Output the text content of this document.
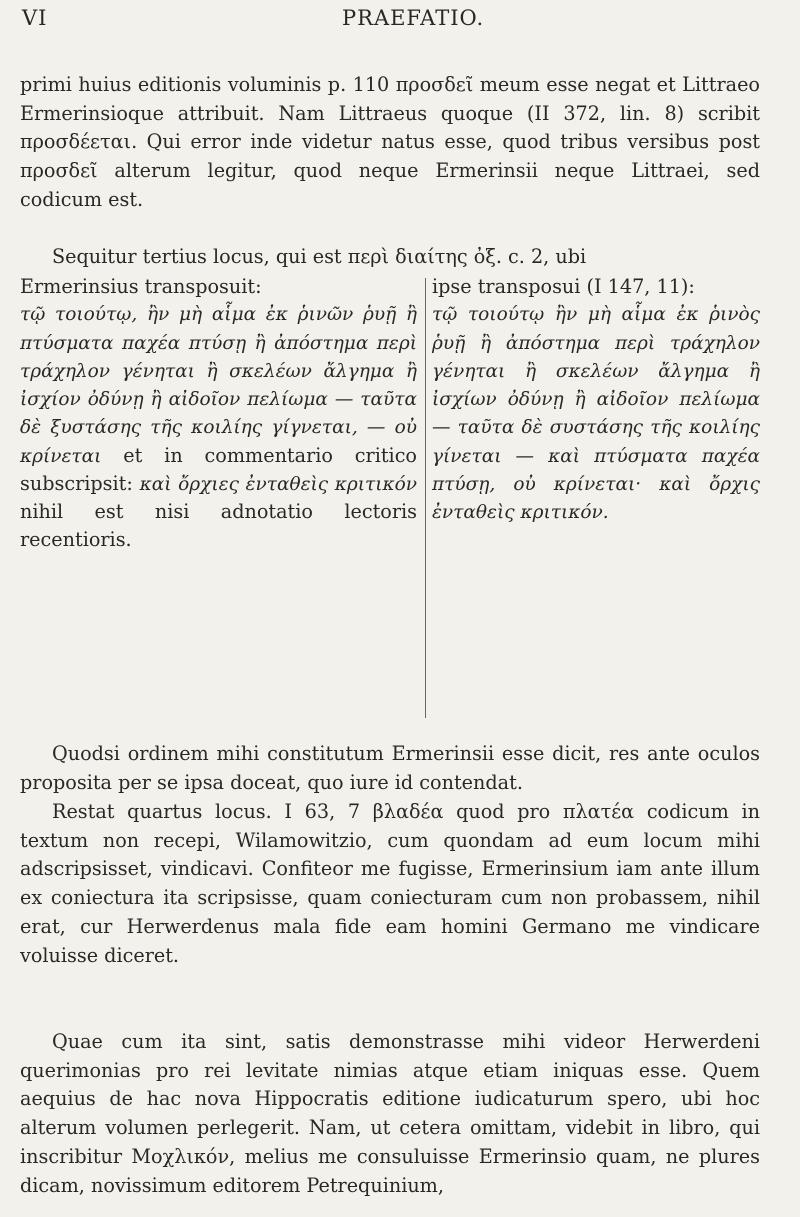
VI	PRAEFATIO.
primi huius editionis voluminis p. 110 προσδεῖ meum esse negat et Littraeo Ermerinsioque attribuit. Nam Littraeus quoque (II 372, lin. 8) scribit προσδέεται. Qui error inde videtur natus esse, quod tribus versibus post προσδεῖ alterum legitur, quod neque Ermerinsii neque Littraei, sed codicum est.
Sequitur tertius locus, qui est περὶ διαίτης ὀξ. c. 2, ubi

Ermerinsius transposuit:

τῷ τοιούτῳ, ἢν μὴ αἷμα ἐκ ῥινῶν ῥυῇ ἢ πτύσματα παχέα πτύσῃ ἢ ἀπόστημα περὶ τράχηλον γένηται ἢ σκελέων ἄλγημα ἢ ἰσχίον ὀδύνῃ ἢ αἰδοῖον πελίωμα — ταῦτα δὲ ξυστάσης τῆς κοιλίης γίγνεται, — οὐ κρίνεται et in commentario critico subscripsit: καὶ ὄρχιες ἐνταθεὶς κριτικόν nihil est nisi adnotatio lectoris recentioris.

ipse transposui (I 147, 11):

τῷ τοιούτῳ ἢν μὴ αἷμα ἐκ ῥινὸς ῥυῇ ἢ ἀπόστημα περὶ τράχηλον γένηται ἢ σκελέων ἄλγημα ἢ ἰσχίων ὀδύνῃ ἢ αἰδοῖον πελίωμα — ταῦτα δὲ συστάσης τῆς κοιλίης γίνεται — καὶ πτύσματα παχέα πτύσῃ, οὐ κρίνεται· καὶ ὄρχις ἐνταθεὶς κριτικόν.

Quodsi ordinem mihi constitutum Ermerinsii esse dicit, res ante oculos proposita per se ipsa doceat, quo iure id contendat.
Restat quartus locus. I 63, 7 βλαδέα quod pro πλατέα codicum in textum non recepi, Wilamowitzio, cum quondam ad eum locum mihi adscripsisset, vindicavi. Confiteor me fugisse, Ermerinsium iam ante illum ex coniectura ita scripsisse, quam coniecturam cum non probassem, nihil erat, cur Herwerdenus mala fide eam homini Germano me vindicare voluisse diceret.
Quae cum ita sint, satis demonstrasse mihi videor Herwerdeni querimonias pro rei levitate nimias atque etiam iniquas esse. Quem aequius de hac nova Hippocratis editione iudicaturum spero, ubi hoc alterum volumen perlegerit. Nam, ut cetera omittam, videbit in libro, qui inscribitur Μοχλικόν, melius me consuluisse Ermerinsio quam, ne plures dicam, novissimum editorem Petrequinium,
